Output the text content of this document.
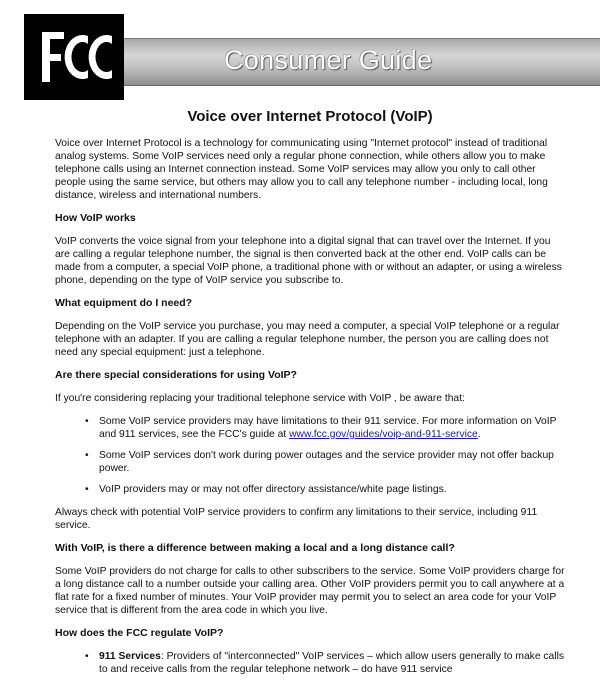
Consumer Guide
Voice over Internet Protocol (VoIP)

Voice over Internet Protocol is a technology for communicating using "Internet protocol" instead of traditional analog systems. Some VoIP services need only a regular phone connection, while others allow you to make telephone calls using an Internet connection instead. Some VoIP services may allow you only to call other people using the same service, but others may allow you to call any telephone number - including local, long distance, wireless and international numbers.

How VoIP works

VoIP converts the voice signal from your telephone into a digital signal that can travel over the Internet. If you are calling a regular telephone number, the signal is then converted back at the other end. VoIP calls can be made from a computer, a special VoIP phone, a traditional phone with or without an adapter, or using a wireless phone, depending on the type of VoIP service you subscribe to.

What equipment do I need?

Depending on the VoIP service you purchase, you may need a computer, a special VoIP telephone or a regular telephone with an adapter. If you are calling a regular telephone number, the person you are calling does not need any special equipment: just a telephone.

Are there special considerations for using VoIP?

If you're considering replacing your traditional telephone service with VoIP , be aware that:

• Some VoIP service providers may have limitations to their 911 service. For more information on VoIP and 911 services, see the FCC's guide at www.fcc.gov/guides/voip-and-911-service.
• Some VoIP services don't work during power outages and the service provider may not offer backup power.
• VoIP providers may or may not offer directory assistance/white page listings.

Always check with potential VoIP service providers to confirm any limitations to their service, including 911 service.

With VoIP, is there a difference between making a local and a long distance call?

Some VoIP providers do not charge for calls to other subscribers to the service. Some VoIP providers charge for a long distance call to a number outside your calling area. Other VoIP providers permit you to call anywhere at a flat rate for a fixed number of minutes. Your VoIP provider may permit you to select an area code for your VoIP service that is different from the area code in which you live.

How does the FCC regulate VoIP?
• 911 Services: Providers of "interconnected" VoIP services – which allow users generally to make calls to and receive calls from the regular telephone network – do have 911 service
